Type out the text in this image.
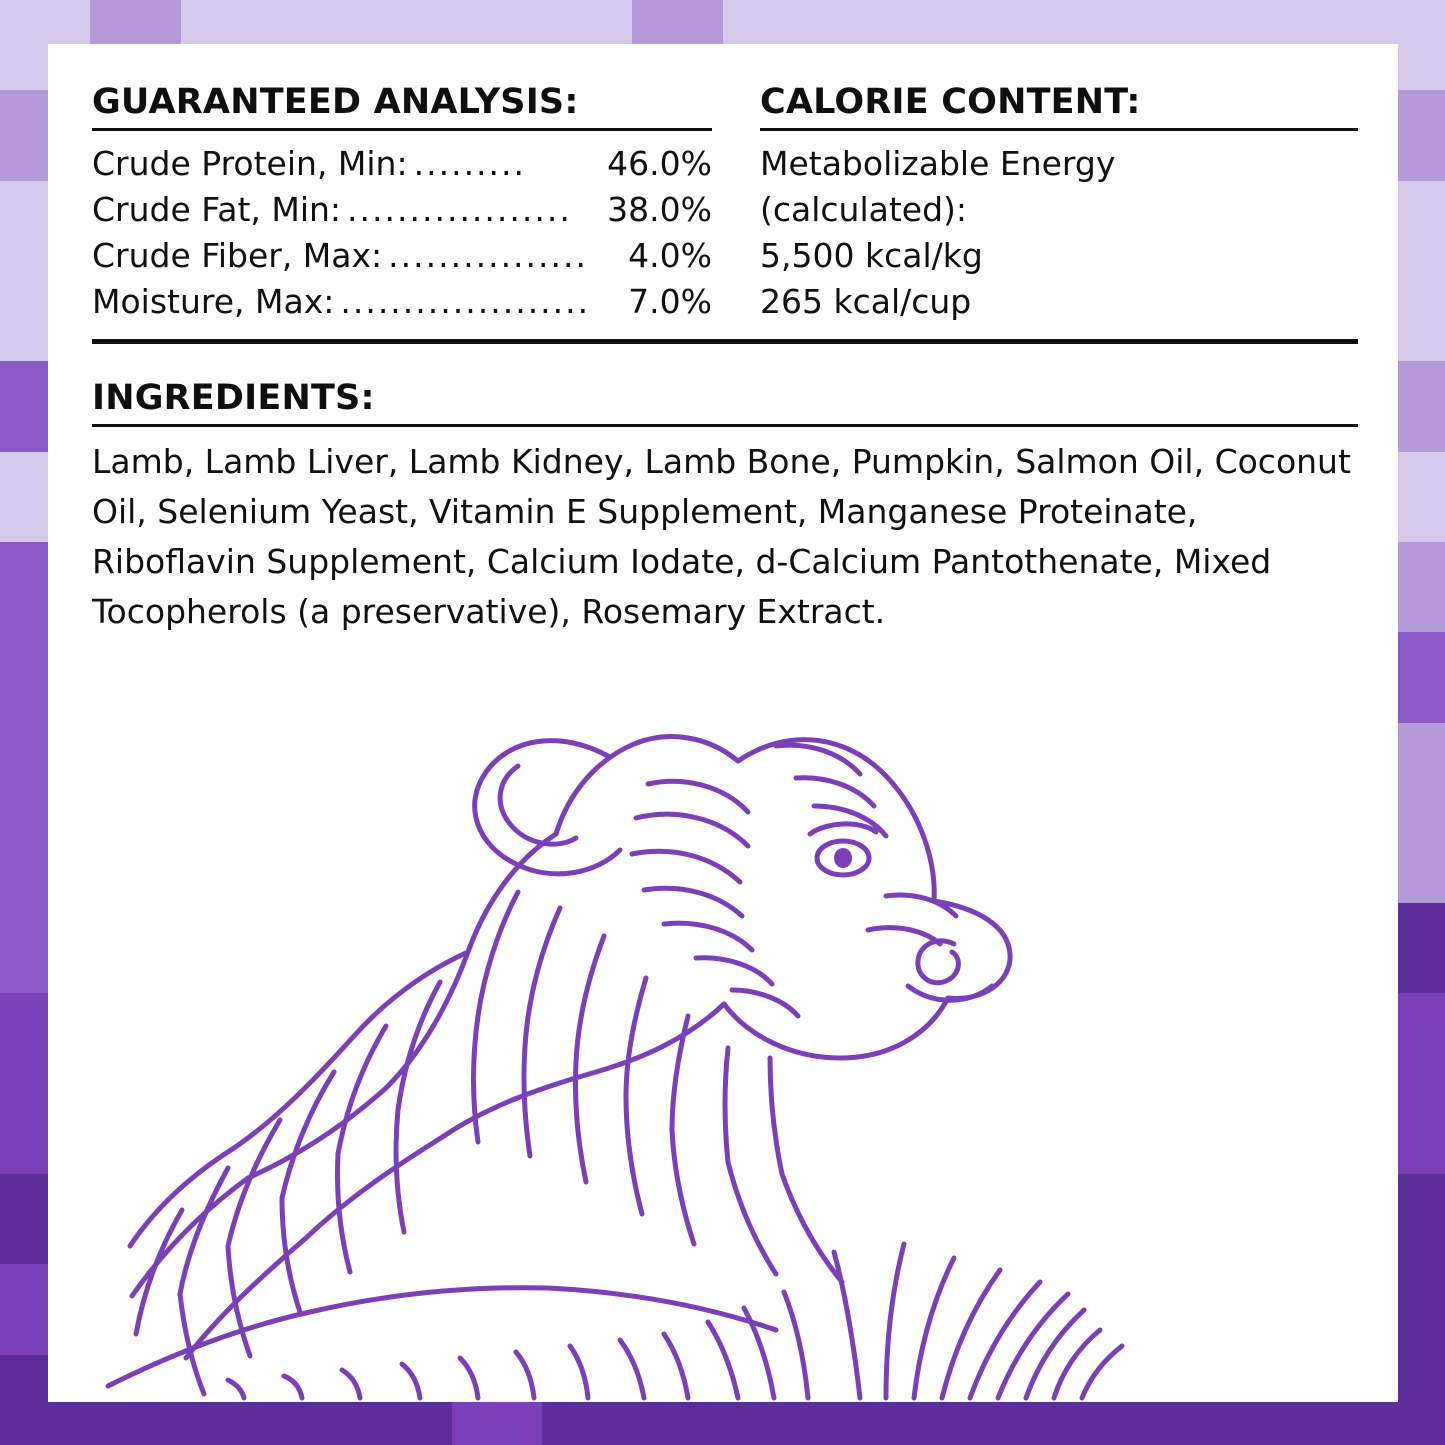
GUARANTEED ANALYSIS:
Crude Protein, Min: .........	46.0%
Crude Fat, Min: ..................	38.0%
Crude Fiber, Max: ................	4.0%
Moisture, Max: ....................	7.0%
CALORIE CONTENT:
Metabolizable Energy
(calculated):
5,500 kcal/kg
265 kcal/cup
INGREDIENTS:
Lamb, Lamb Liver, Lamb Kidney, Lamb Bone, Pumpkin, Salmon Oil, Coconut Oil, Selenium Yeast, Vitamin E Supplement, Manganese Proteinate, Riboflavin Supplement, Calcium Iodate, d-Calcium Pantothenate, Mixed Tocopherols (a preservative), Rosemary Extract.
